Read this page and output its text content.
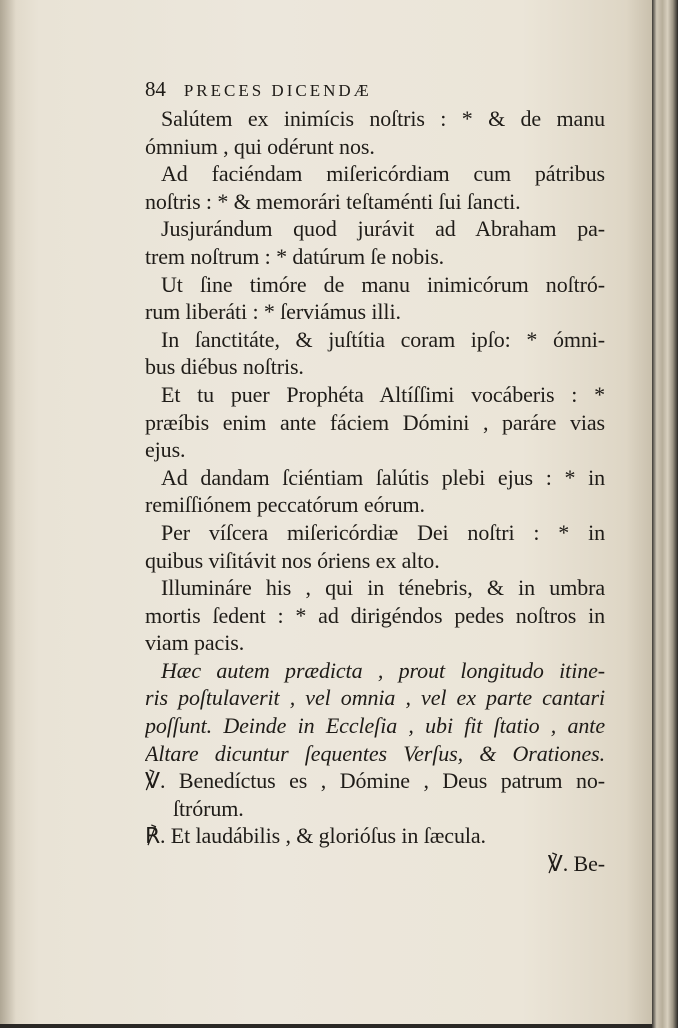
84 PRECES DICENDÆ
Salútem ex inimícis noſtris : * & de manu
ómnium , qui odérunt nos.
Ad faciéndam miſericórdiam cum pátribus
noſtris : * & memorári teſtaménti ſui ſancti.
Jusjurándum quod jurávit ad Abraham pa-
trem noſtrum : * datúrum ſe nobis.
Ut ſine timóre de manu inimicórum noſtró-
rum liberáti : * ſerviámus illi.
In ſanctitáte, & juſtítia coram ipſo: * ómni-
bus diébus noſtris.
Et tu puer Prophéta Altíſſimi vocáberis : *
præíbis enim ante fáciem Dómini , paráre vias
ejus.
Ad dandam ſciéntiam ſalútis plebi ejus : * in
remiſſiónem peccatórum eórum.
Per víſcera miſericórdiæ Dei noſtri : * in
quibus viſitávit nos óriens ex alto.
Illumináre his , qui in ténebris, & in umbra
mortis ſedent : * ad dirigéndos pedes noſtros in
viam pacis.
Hæc autem prædicta , prout longitudo itine-
ris poſtulaverit , vel omnia , vel ex parte cantari
poſſunt. Deinde in Eccleſia , ubi fit ſtatio , ante
Altare dicuntur ſequentes Verſus, & Orationes.
℣. Benedíctus es , Dómine , Deus patrum no-
ſtrórum.
℟. Et laudábilis , & glorióſus in ſæcula.
℣. Be-
